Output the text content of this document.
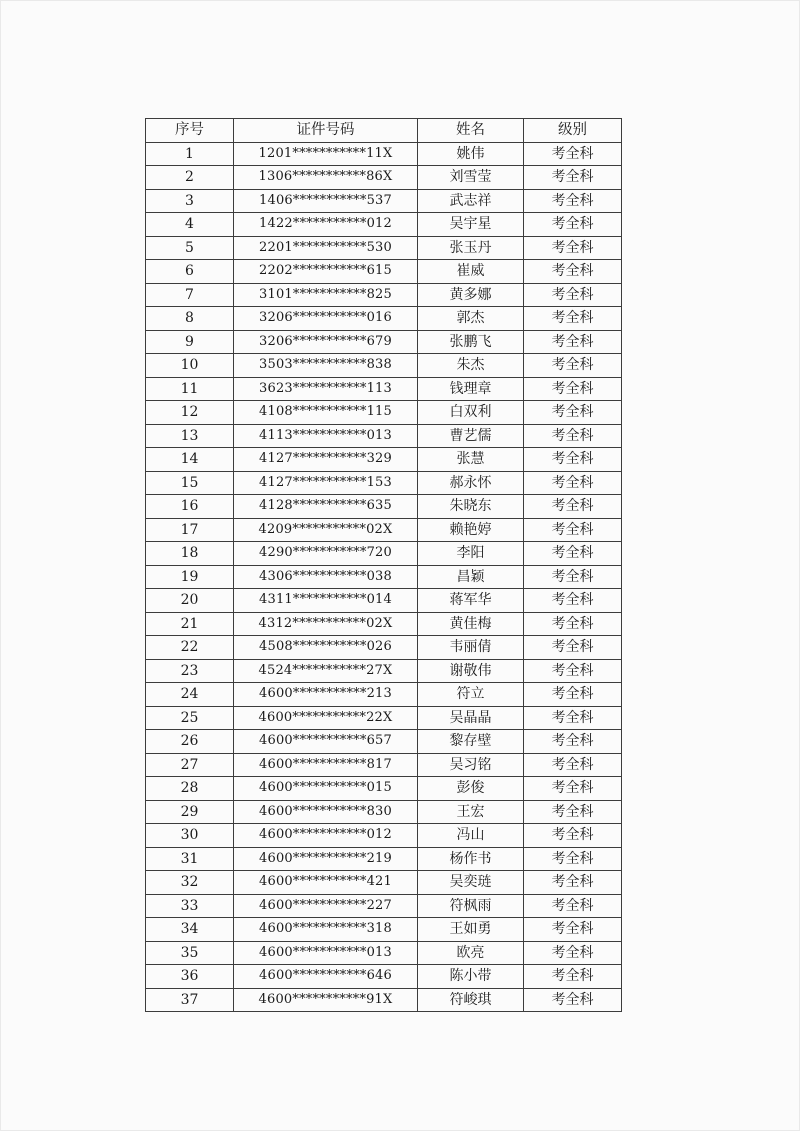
序号	证件号码	姓名	级别
1	1201***********11X	姚伟	考全科
2	1306***********86X	刘雪莹	考全科
3	1406***********537	武志祥	考全科
4	1422***********012	吴宇星	考全科
5	2201***********530	张玉丹	考全科
6	2202***********615	崔威	考全科
7	3101***********825	黄多娜	考全科
8	3206***********016	郭杰	考全科
9	3206***********679	张鹏飞	考全科
10	3503***********838	朱杰	考全科
11	3623***********113	钱理章	考全科
12	4108***********115	白双利	考全科
13	4113***********013	曹艺儒	考全科
14	4127***********329	张慧	考全科
15	4127***********153	郝永怀	考全科
16	4128***********635	朱晓东	考全科
17	4209***********02X	赖艳婷	考全科
18	4290***********720	李阳	考全科
19	4306***********038	昌颖	考全科
20	4311***********014	蒋军华	考全科
21	4312***********02X	黄佳梅	考全科
22	4508***********026	韦丽倩	考全科
23	4524***********27X	谢敬伟	考全科
24	4600***********213	符立	考全科
25	4600***********22X	吴晶晶	考全科
26	4600***********657	黎存壁	考全科
27	4600***********817	吴习铭	考全科
28	4600***********015	彭俊	考全科
29	4600***********830	王宏	考全科
30	4600***********012	冯山	考全科
31	4600***********219	杨作书	考全科
32	4600***********421	吴奕琏	考全科
33	4600***********227	符枫雨	考全科
34	4600***********318	王如勇	考全科
35	4600***********013	欧亮	考全科
36	4600***********646	陈小带	考全科
37	4600***********91X	符峻琪	考全科
